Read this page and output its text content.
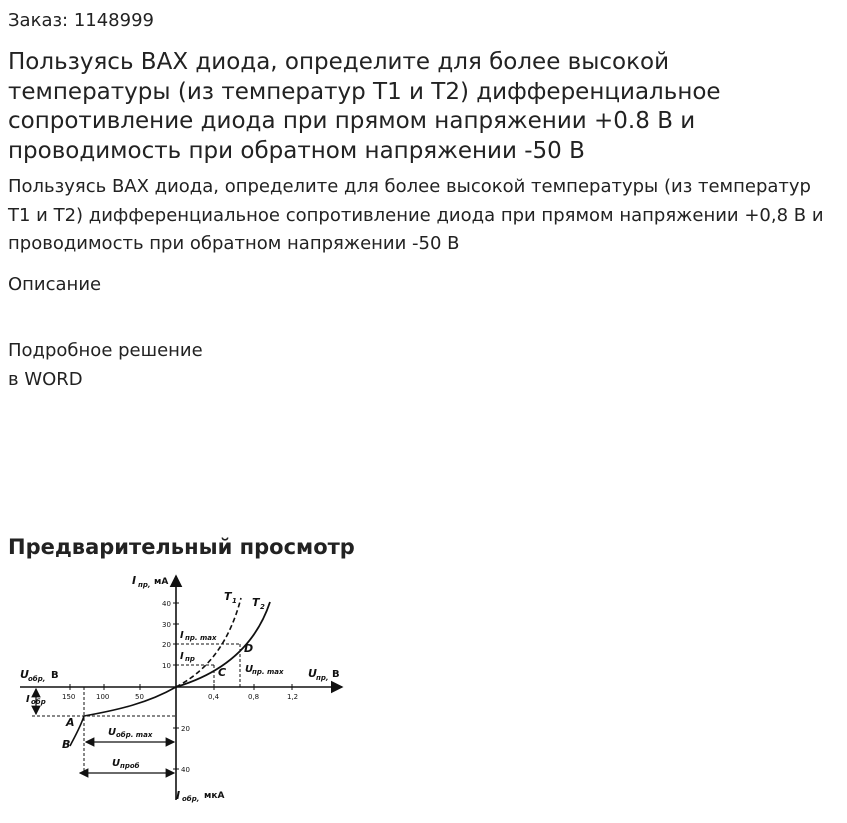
Заказ: 1148999
Пользуясь ВАХ диода, определите для более высокой температуры (из температур Т1 и Т2) дифференциальное сопротивление диода при прямом напряжении +0.8 В и проводимость при обратном напряжении -50 В

Пользуясь ВАХ диода, определите для более высокой температуры (из температур Т1 и Т2) дифференциальное сопротивление диода при прямом напряжении +0,8 В и проводимость при обратном напряжении -50 В

Описание
Подробное решение
в WORD
Предварительный просмотр
40
30
20
10
20
40
0,4	0,8	1,2
150	100	50
I пр, мА
I обр, мкА
U пр, В
U обр, В
T 1 T 2
I пр. max
I пр
U
пр. max
I обр
U обр. max
U проб
C
D
A
B
